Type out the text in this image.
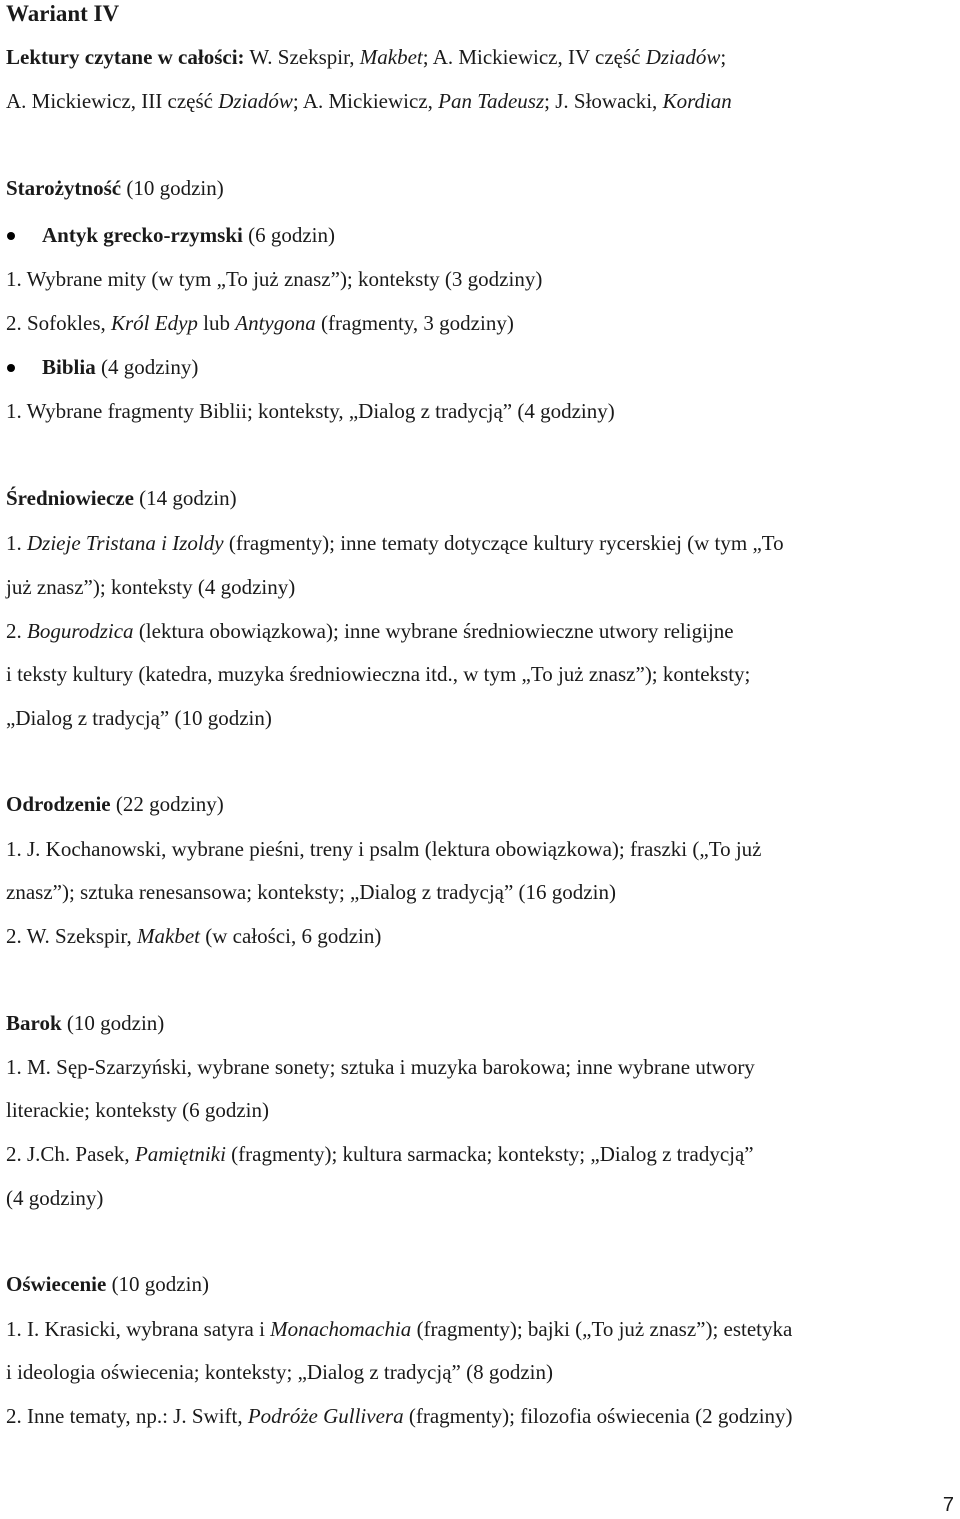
Wariant IV
Lektury czytane w całości: W. Szekspir, Makbet; A. Mickiewicz, IV część Dziadów;
A. Mickiewicz, III część Dziadów; A. Mickiewicz, Pan Tadeusz; J. Słowacki, Kordian
Starożytność (10 godzin)
Antyk grecko-rzymski (6 godzin)
1. Wybrane mity (w tym „To już znasz”); konteksty (3 godziny)
2. Sofokles, Król Edyp lub Antygona (fragmenty, 3 godziny)
Biblia (4 godziny)
1. Wybrane fragmenty Biblii; konteksty, „Dialog z tradycją” (4 godziny)
Średniowiecze (14 godzin)
1. Dzieje Tristana i Izoldy (fragmenty); inne tematy dotyczące kultury rycerskiej (w tym „To
już znasz”); konteksty (4 godziny)
2. Bogurodzica (lektura obowiązkowa); inne wybrane średniowieczne utwory religijne
i teksty kultury (katedra, muzyka średniowieczna itd., w tym „To już znasz”); konteksty;
„Dialog z tradycją” (10 godzin)
Odrodzenie (22 godziny)
1. J. Kochanowski, wybrane pieśni, treny i psalm (lektura obowiązkowa); fraszki („To już
znasz”); sztuka renesansowa; konteksty; „Dialog z tradycją” (16 godzin)
2. W. Szekspir, Makbet (w całości, 6 godzin)
Barok (10 godzin)
1. M. Sęp-Szarzyński, wybrane sonety; sztuka i muzyka barokowa; inne wybrane utwory
literackie; konteksty (6 godzin)
2. J.Ch. Pasek, Pamiętniki (fragmenty); kultura sarmacka; konteksty; „Dialog z tradycją”
(4 godziny)
Oświecenie (10 godzin)
1. I. Krasicki, wybrana satyra i Monachomachia (fragmenty); bajki („To już znasz”); estetyka
i ideologia oświecenia; konteksty; „Dialog z tradycją” (8 godzin)
2. Inne tematy, np.: J. Swift, Podróże Gullivera (fragmenty); filozofia oświecenia (2 godziny)
7
